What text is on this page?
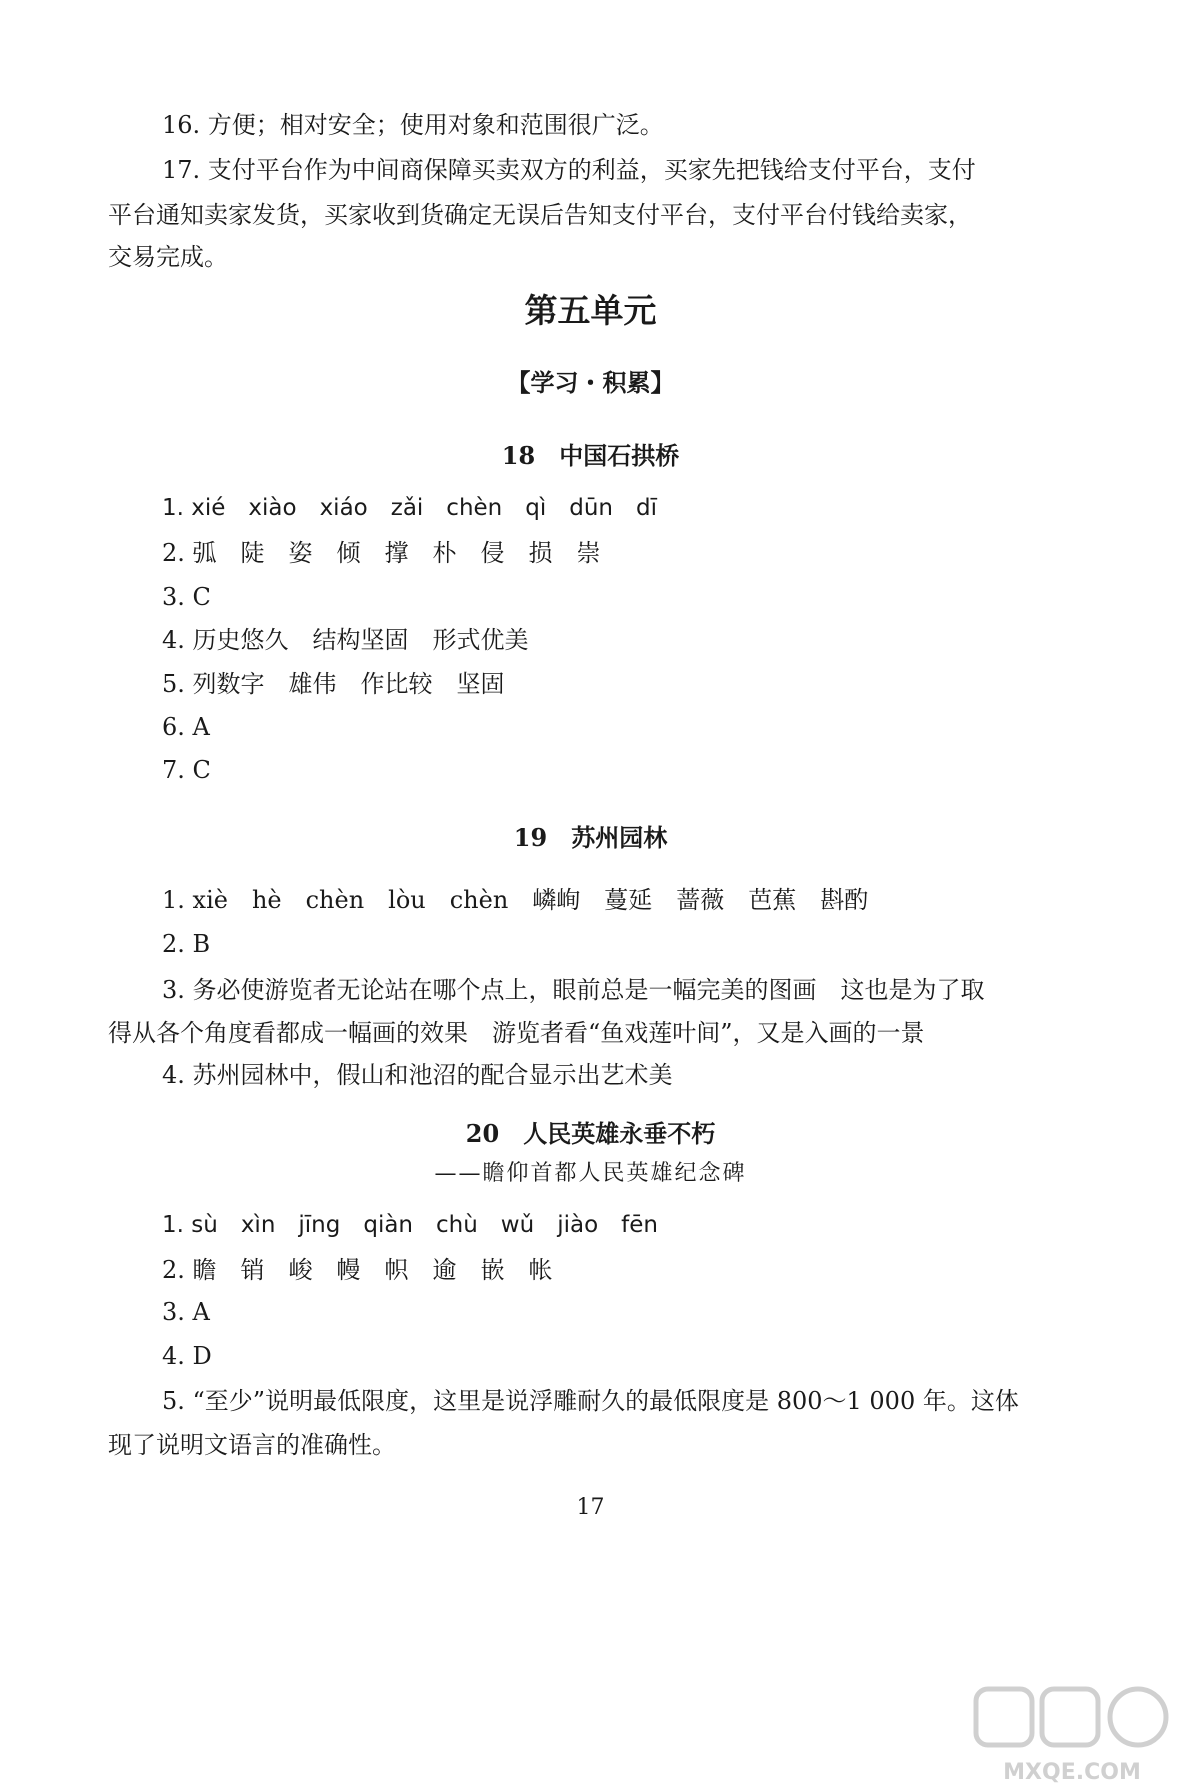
16. 方便；相对安全；使用对象和范围很广泛。
17. 支付平台作为中间商保障买卖双方的利益，买家先把钱给支付平台，支付
平台通知卖家发货，买家收到货确定无误后告知支付平台，支付平台付钱给卖家，
交易完成。
第五单元
【学习・积累】
18　中国石拱桥
1. xié　xiào　xiáo　zǎi　chèn　qì　dūn　dī
2. 弧　陡　姿　倾　撑　朴　侵　损　崇
3. C
4. 历史悠久　结构坚固　形式优美
5. 列数字　雄伟　作比较　坚固
6. A
7. C
19　苏州园林
1. xiè　hè　chèn　lòu　chèn　嶙峋　蔓延　蔷薇　芭蕉　斟酌
2. B
3. 务必使游览者无论站在哪个点上，眼前总是一幅完美的图画　这也是为了取
得从各个角度看都成一幅画的效果　游览者看“鱼戏莲叶间”，又是入画的一景
4. 苏州园林中，假山和池沼的配合显示出艺术美
20　人民英雄永垂不朽
——瞻仰首都人民英雄纪念碑
1. sù　xìn　jīng　qiàn　chù　wǔ　jiào　fēn
2. 瞻　销　峻　幔　帜　逾　嵌　帐
3. A
4. D
5. “至少”说明最低限度，这里是说浮雕耐久的最低限度是 800～1 000 年。这体
现了说明文语言的准确性。
17
MXQE.COM
